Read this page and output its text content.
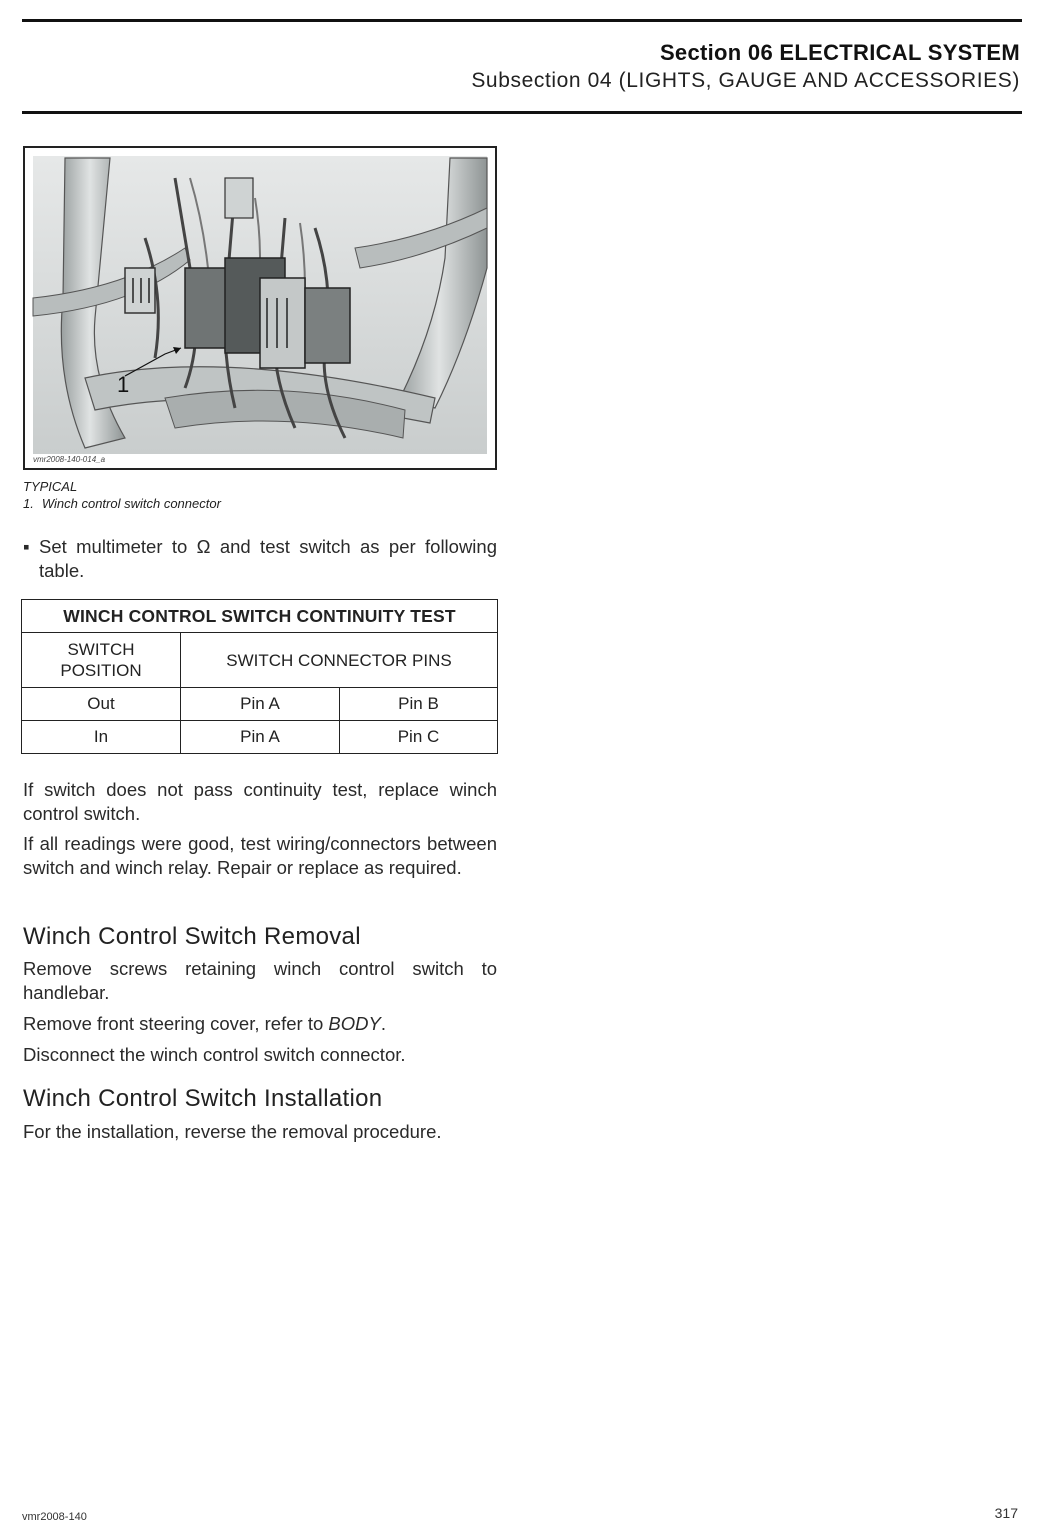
Section 06 ELECTRICAL SYSTEM
Subsection 04 (LIGHTS, GAUGE AND ACCESSORIES)
1
vmr2008-140-014_a
TYPICAL
1. Winch control switch connector
▪ Set multimeter to Ω and test switch as per following table.
WINCH CONTROL SWITCH CONTINUITY TEST		
SWITCH POSITION	SWITCH CONNECTOR PINS	
Out	Pin A	Pin B
In	Pin A	Pin C

If switch does not pass continuity test, replace winch control switch.

If all readings were good, test wiring/connectors between switch and winch relay. Repair or replace as required.

Winch Control Switch Removal

Remove screws retaining winch control switch to handlebar.

Remove front steering cover, refer to BODY.

Disconnect the winch control switch connector.

Winch Control Switch Installation

For the installation, reverse the removal procedure.

vmr2008-140	317
